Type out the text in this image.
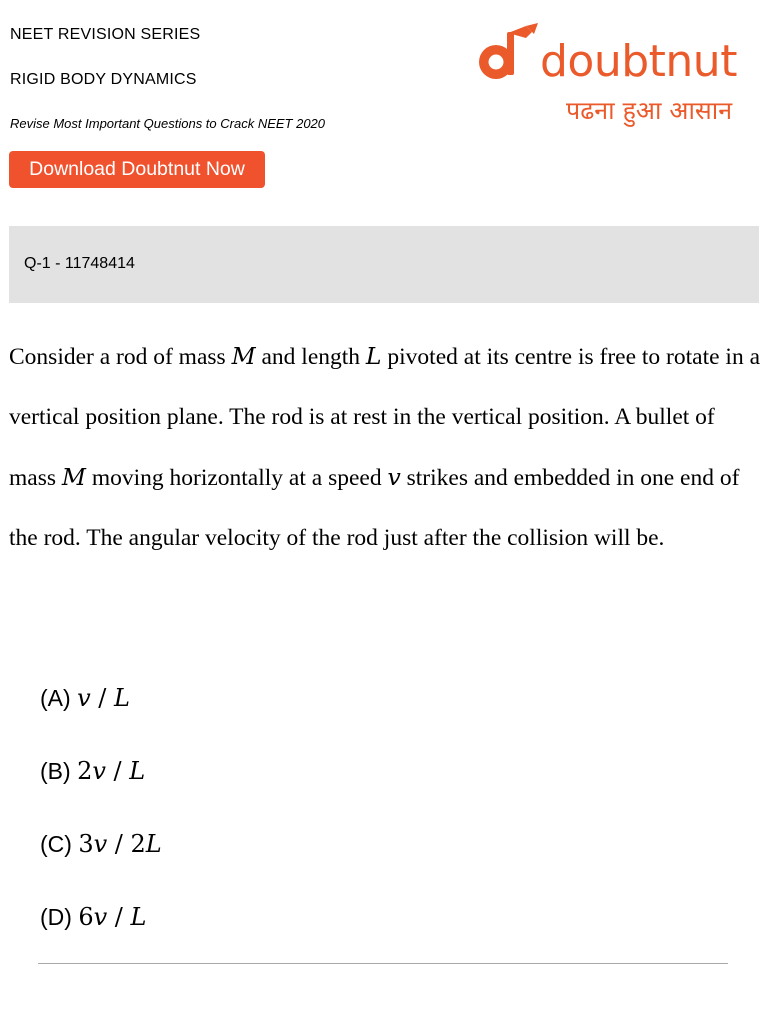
NEET REVISION SERIES
RIGID BODY DYNAMICS
Revise Most Important Questions to Crack NEET 2020
Download Doubtnut Now
doubtnut
पढना हुआ आसान
Q-1 - 11748414

Consider a rod of mass M and length L pivoted at its centre is free to rotate in a vertical position plane. The rod is at rest in the vertical position. A bullet of mass M moving horizontally at a speed v strikes and embedded in one end of the rod. The angular velocity of the rod just after the collision will be.

(A) v / L
(B) 2v / L
(C) 3v / 2L
(D) 6v / L
